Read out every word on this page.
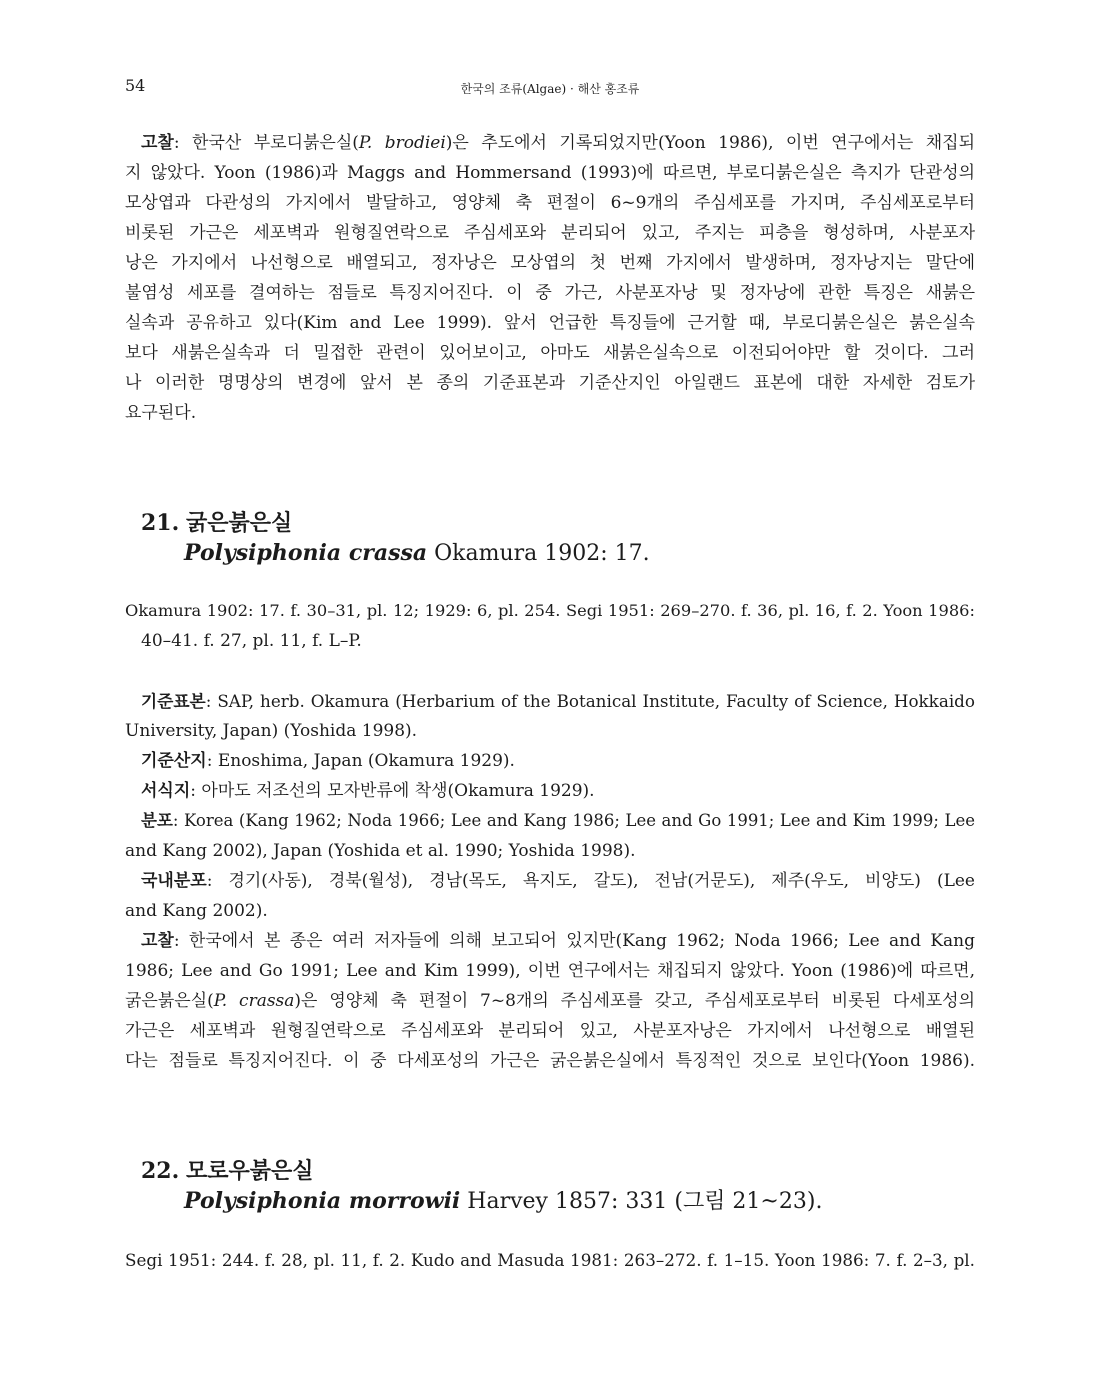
54	한국의 조류(Algae) · 해산 홍조류
고찰: 한국산 부로디붉은실(P. brodiei)은 추도에서 기록되었지만(Yoon 1986), 이번 연구에서는 채집되
지 않았다. Yoon (1986)과 Maggs and Hommersand (1993)에 따르면, 부로디붉은실은 측지가 단관성의
모상엽과 다관성의 가지에서 발달하고, 영양체 축 편절이 6~9개의 주심세포를 가지며, 주심세포로부터
비롯된 가근은 세포벽과 원형질연락으로 주심세포와 분리되어 있고, 주지는 피층을 형성하며, 사분포자
낭은 가지에서 나선형으로 배열되고, 정자낭은 모상엽의 첫 번째 가지에서 발생하며, 정자낭지는 말단에
불염성 세포를 결여하는 점들로 특징지어진다. 이 중 가근, 사분포자낭 및 정자낭에 관한 특징은 새붉은
실속과 공유하고 있다(Kim and Lee 1999). 앞서 언급한 특징들에 근거할 때, 부로디붉은실은 붉은실속
보다 새붉은실속과 더 밀접한 관련이 있어보이고, 아마도 새붉은실속으로 이전되어야만 할 것이다. 그러
나 이러한 명명상의 변경에 앞서 본 종의 기준표본과 기준산지인 아일랜드 표본에 대한 자세한 검토가
요구된다.
21. 굵은붉은실
Polysiphonia crassa Okamura 1902: 17.
Okamura 1902: 17. f. 30–31, pl. 12; 1929: 6, pl. 254. Segi 1951: 269–270. f. 36, pl. 16, f. 2. Yoon 1986:
40–41. f. 27, pl. 11, f. L–P.
기준표본: SAP, herb. Okamura (Herbarium of the Botanical Institute, Faculty of Science, Hokkaido
University, Japan) (Yoshida 1998).
기준산지: Enoshima, Japan (Okamura 1929).
서식지: 아마도 저조선의 모자반류에 착생(Okamura 1929).
분포: Korea (Kang 1962; Noda 1966; Lee and Kang 1986; Lee and Go 1991; Lee and Kim 1999; Lee
and Kang 2002), Japan (Yoshida et al. 1990; Yoshida 1998).
국내분포: 경기(사동), 경북(월성), 경남(목도, 욕지도, 갈도), 전남(거문도), 제주(우도, 비양도) (Lee
and Kang 2002).
고찰: 한국에서 본 종은 여러 저자들에 의해 보고되어 있지만(Kang 1962; Noda 1966; Lee and Kang
1986; Lee and Go 1991; Lee and Kim 1999), 이번 연구에서는 채집되지 않았다. Yoon (1986)에 따르면,
굵은붉은실(P. crassa)은 영양체 축 편절이 7~8개의 주심세포를 갖고, 주심세포로부터 비롯된 다세포성의
가근은 세포벽과 원형질연락으로 주심세포와 분리되어 있고, 사분포자낭은 가지에서 나선형으로 배열된
다는 점들로 특징지어진다. 이 중 다세포성의 가근은 굵은붉은실에서 특징적인 것으로 보인다(Yoon 1986).
22. 모로우붉은실
Polysiphonia morrowii Harvey 1857: 331 (그림 21~23).
Segi 1951: 244. f. 28, pl. 11, f. 2. Kudo and Masuda 1981: 263–272. f. 1–15. Yoon 1986: 7. f. 2–3, pl.
